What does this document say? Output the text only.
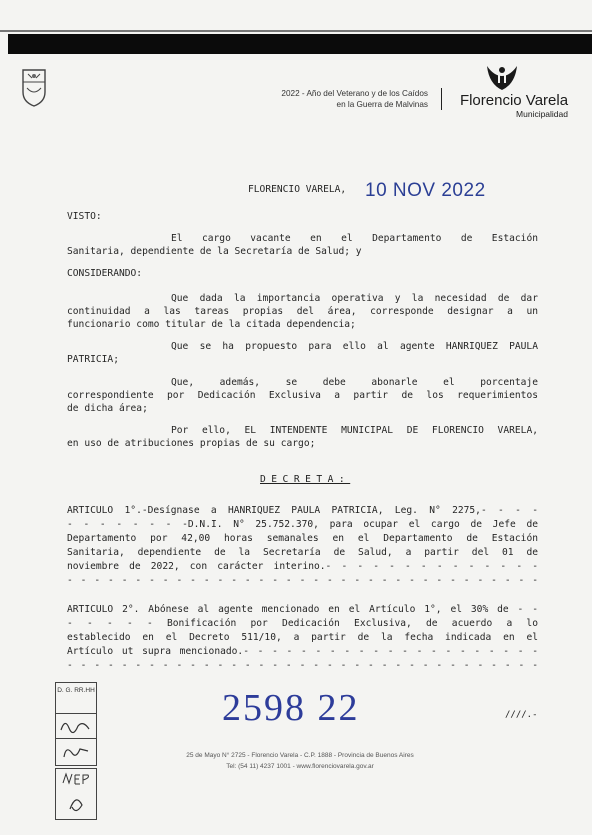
2022 - Año del Veterano y de los Caídos
en la Guerra de Malvinas	Florencio Varela
Municipalidad
FLORENCIO VARELA, 10 NOV 2022
VISTO:
El cargo vacante en el Departamento de Estación
Sanitaria, dependiente de la Secretaría de Salud; y
CONSIDERANDO:
Que dada la importancia operativa y la necesidad de dar
continuidad a las tareas propias del área, corresponde designar a un
funcionario como titular de la citada dependencia;
Que se ha propuesto para ello al agente HANRIQUEZ PAULA
PATRICIA;
Que, además, se debe abonarle el porcentaje
correspondiente por Dedicación Exclusiva a partir de los requerimientos
de dicha área;
Por ello, EL INTENDENTE MUNICIPAL DE FLORENCIO VARELA,
en uso de atribuciones propias de su cargo;
DECRETA:
ARTICULO 1°.-Desígnase a HANRIQUEZ PAULA PATRICIA, Leg. N° 2275,- - - -
- - - - - - - -D.N.I. N° 25.752.370, para ocupar el cargo de Jefe de
Departamento por 42,00 horas semanales en el Departamento de Estación
Sanitaria, dependiente de la Secretaría de Salud, a partir del 01 de
noviembre de 2022, con carácter interino.- - - - - - - - - - - - - -
- - - - - - - - - - - - - - - - - - - - - - - - - - - - - - - - - - -
ARTICULO 2°. Abónese al agente mencionado en el Artículo 1°, el 30% de - -
- - - - - Bonificación por Dedicación Exclusiva, de acuerdo a lo
establecido en el Decreto 511/10, a partir de la fecha indicada en el
Artículo ut supra mencionado.- - - - - - - - - - - - - - - - - - - - -
- - - - - - - - - - - - - - - - - - - - - - - - - - - - - - - - - - -
D. G. RR.HH	2598 22	////.-
25 de Mayo N° 2725 - Florencio Varela - C.P. 1888 - Provincia de Buenos Aires
Tel: (54 11) 4237 1001 - www.florenciovarela.gov.ar
